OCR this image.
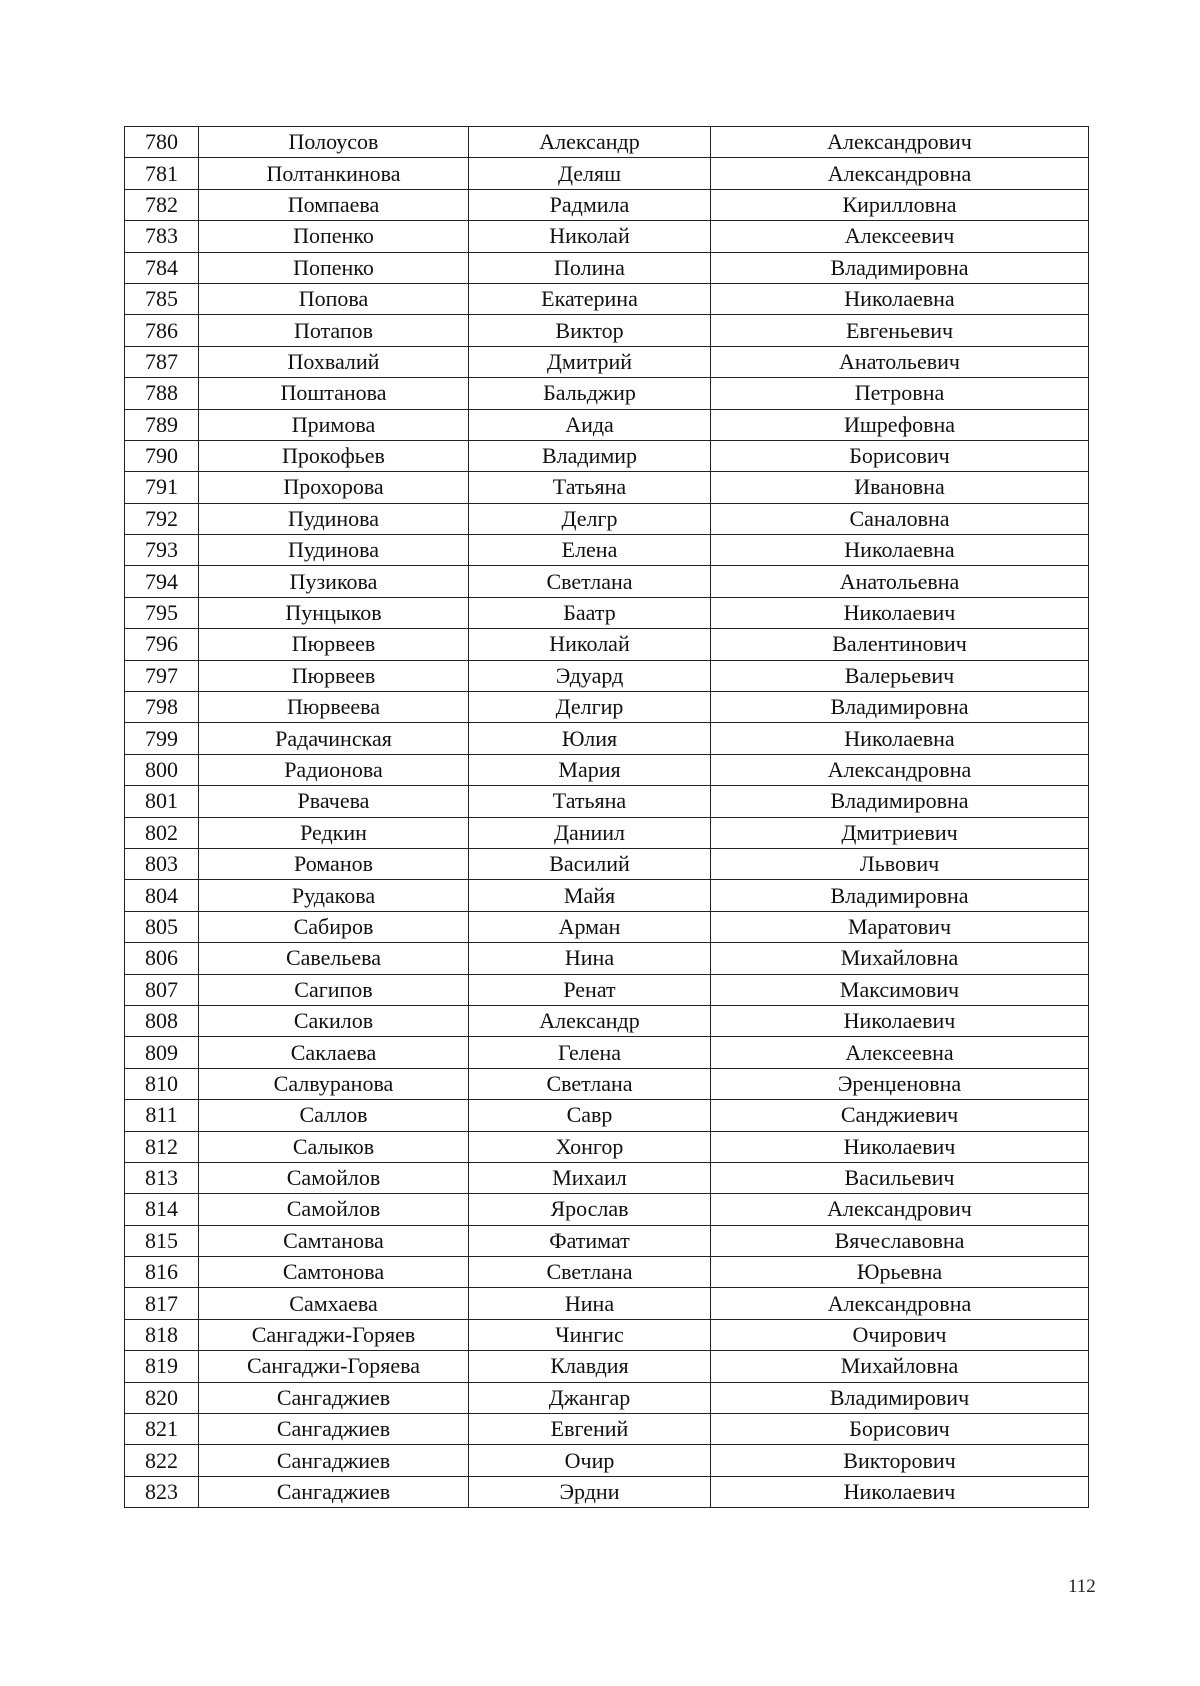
780	Полоусов	Александр	Александрович
781	Полтанкинова	Деляш	Александровна
782	Помпаева	Радмила	Кирилловна
783	Попенко	Николай	Алексеевич
784	Попенко	Полина	Владимировна
785	Попова	Екатерина	Николаевна
786	Потапов	Виктор	Евгеньевич
787	Похвалий	Дмитрий	Анатольевич
788	Поштанова	Бальджир	Петровна
789	Примова	Аида	Ишрефовна
790	Прокофьев	Владимир	Борисович
791	Прохорова	Татьяна	Ивановна
792	Пудинова	Делгр	Саналовна
793	Пудинова	Елена	Николаевна
794	Пузикова	Светлана	Анатольевна
795	Пунцыков	Баатр	Николаевич
796	Пюрвеев	Николай	Валентинович
797	Пюрвеев	Эдуард	Валерьевич
798	Пюрвеева	Делгир	Владимировна
799	Радачинская	Юлия	Николаевна
800	Радионова	Мария	Александровна
801	Рвачева	Татьяна	Владимировна
802	Редкин	Даниил	Дмитриевич
803	Романов	Василий	Львович
804	Рудакова	Майя	Владимировна
805	Сабиров	Арман	Маратович
806	Савельева	Нина	Михайловна
807	Сагипов	Ренат	Максимович
808	Сакилов	Александр	Николаевич
809	Саклаева	Гелена	Алексеевна
810	Салвуранова	Светлана	Эренџеновна
811	Саллов	Савр	Санджиевич
812	Салыков	Хонгор	Николаевич
813	Самойлов	Михаил	Васильевич
814	Самойлов	Ярослав	Александрович
815	Самтанова	Фатимат	Вячеславовна
816	Самтонова	Светлана	Юрьевна
817	Самхаева	Нина	Александровна
818	Сангаджи-Горяев	Чингис	Очирович
819	Сангаджи-Горяева	Клавдия	Михайловна
820	Сангаджиев	Джангар	Владимирович
821	Сангаджиев	Евгений	Борисович
822	Сангаджиев	Очир	Викторович
823	Сангаджиев	Эрдни	Николаевич
112
